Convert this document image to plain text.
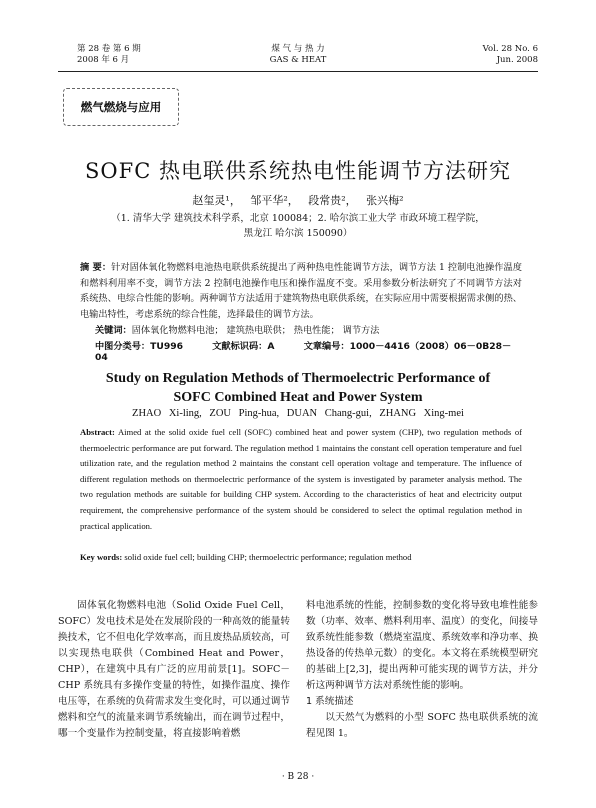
第 28 卷 第 6 期
2008 年 6 月
煤 气 与 热 力
GAS & HEAT
Vol. 28 No. 6
Jun. 2008
燃气燃烧与应用
SOFC 热电联供系统热电性能调节方法研究
赵玺灵¹， 邹平华²， 段常贵²， 张兴梅²
（1. 清华大学 建筑技术科学系，北京 100084；2. 哈尔滨工业大学 市政环境工程学院，
黑龙江 哈尔滨 150090）
摘 要：针对固体氧化物燃料电池热电联供系统提出了两种热电性能调节方法，调节方法 1 控制电池操作温度和燃料利用率不变，调节方法 2 控制电池操作电压和操作温度不变。采用参数分析法研究了不同调节方法对系统热、电综合性能的影响。两种调节方法适用于建筑物热电联供系统，在实际应用中需要根据需求侧的热、电输出特性，考虑系统的综合性能，选择最佳的调节方法。
关键词：固体氧化物燃料电池； 建筑热电联供； 热电性能； 调节方法
中图分类号：TU996	文献标识码：A	文章编号：1000－4416（2008）06－0B28－04
Study on Regulation Methods of Thermoelectric Performance of
SOFC Combined Heat and Power System
ZHAO Xi-ling, ZOU Ping-hua, DUAN Chang-gui, ZHANG Xing-mei
Abstract: Aimed at the solid oxide fuel cell (SOFC) combined heat and power system (CHP), two regulation methods of thermoelectric performance are put forward. The regulation method 1 maintains the constant cell operation temperature and fuel utilization rate, and the regulation method 2 maintains the constant cell operation voltage and temperature. The influence of different regulation methods on thermoelectric performance of the system is investigated by parameter analysis method. The two regulation methods are suitable for building CHP system. According to the characteristics of heat and electricity output requirement, the comprehensive performance of the system should be considered to select the optimal regulation method in practical application.
Key words: solid oxide fuel cell; building CHP; thermoelectric performance; regulation method

固体氧化物燃料电池（Solid Oxide Fuel Cell，SOFC）发电技术是处在发展阶段的一种高效的能量转换技术，它不但电化学效率高，而且废热品质较高，可以实现热电联供（Combined Heat and Power，CHP），在建筑中具有广泛的应用前景[1]。SOFC－CHP 系统具有多操作变量的特性，如操作温度、操作电压等，在系统的负荷需求发生变化时，可以通过调节燃料和空气的流量来调节系统输出，而在调节过程中，哪一个变量作为控制变量，将直接影响着燃

料电池系统的性能，控制参数的变化将导致电堆性能参数（功率、效率、燃料利用率、温度）的变化，间接导致系统性能参数（燃烧室温度、系统效率和净功率、换热设备的传热单元数）的变化。本文将在系统模型研究的基础上[2,3]，提出两种可能实现的调节方法，并分析这两种调节方法对系统性能的影响。

1 系统描述

以天然气为燃料的小型 SOFC 热电联供系统的流程见图 1。

· B 28 ·
